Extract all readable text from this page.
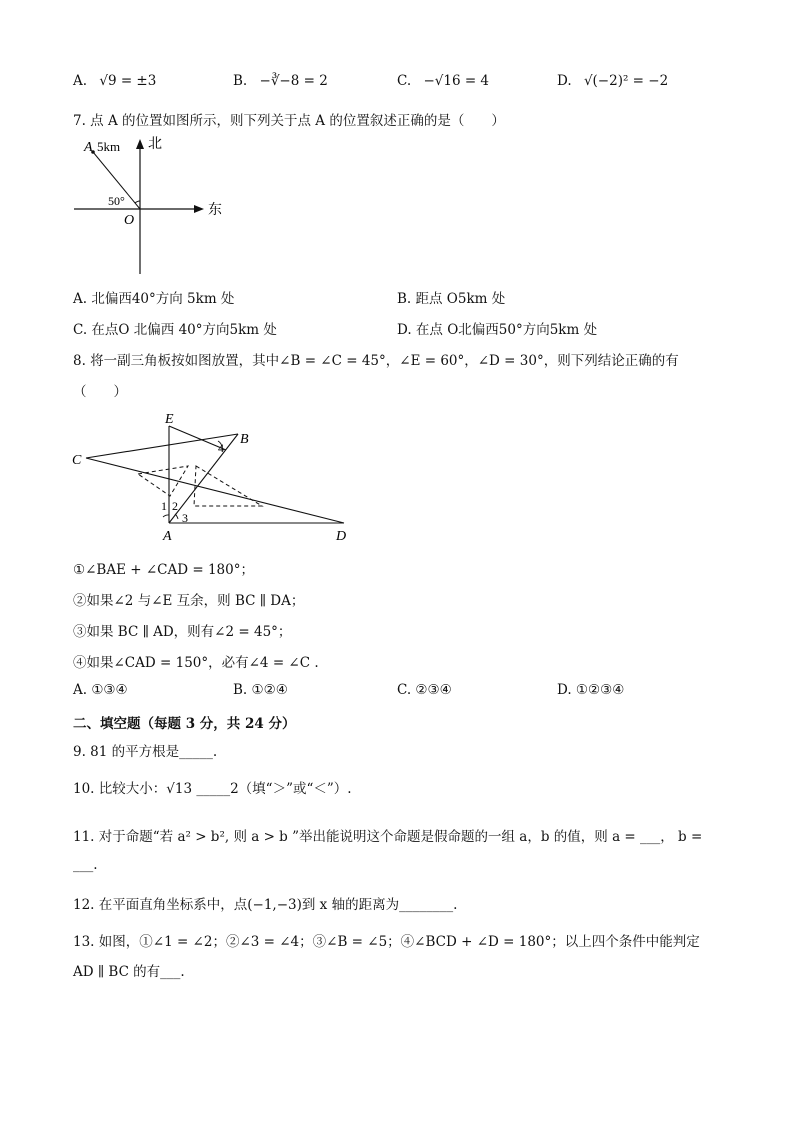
A. √9 = ±3	B. −∛−8 = 2	C. −√16 = 4	D. √(−2)² = −2
7. 点 A 的位置如图所示，则下列关于点 A 的位置叙述正确的是（　　）
A 5km 北
东
50°
O
A. 北偏西40°方向 5km 处	B. 距点 O5km 处
C. 在点O 北偏西 40°方向5km 处	D. 在点 O北偏西50°方向5km 处
8. 将一副三角板按如图放置，其中∠B = ∠C = 45°，∠E = 60°，∠D = 30°，则下列结论正确的有
（　　）
E
B
C
A	D
1 2
3
4
①∠BAE + ∠CAD = 180°；
②如果∠2 与∠E 互余，则 BC ∥ DA；
③如果 BC ∥ AD，则有∠2 = 45°；
④如果∠CAD = 150°，必有∠4 = ∠C .
A. ①③④	B. ①②④	C. ②③④	D. ①②③④
二、填空题（每题 3 分，共 24 分）
9. 81 的平方根是_____.
10. 比较大小：√13 _____2（填“＞”或“＜”）.
11. 对于命题“若 a² > b², 则 a > b ”举出能说明这个命题是假命题的一组 a，b 的值，则 a = ___， b =
___.
12. 在平面直角坐标系中，点(−1,−3)到 x 轴的距离为________.
13. 如图，①∠1 = ∠2；②∠3 = ∠4；③∠B = ∠5；④∠BCD + ∠D = 180°；以上四个条件中能判定
AD ∥ BC 的有___.
